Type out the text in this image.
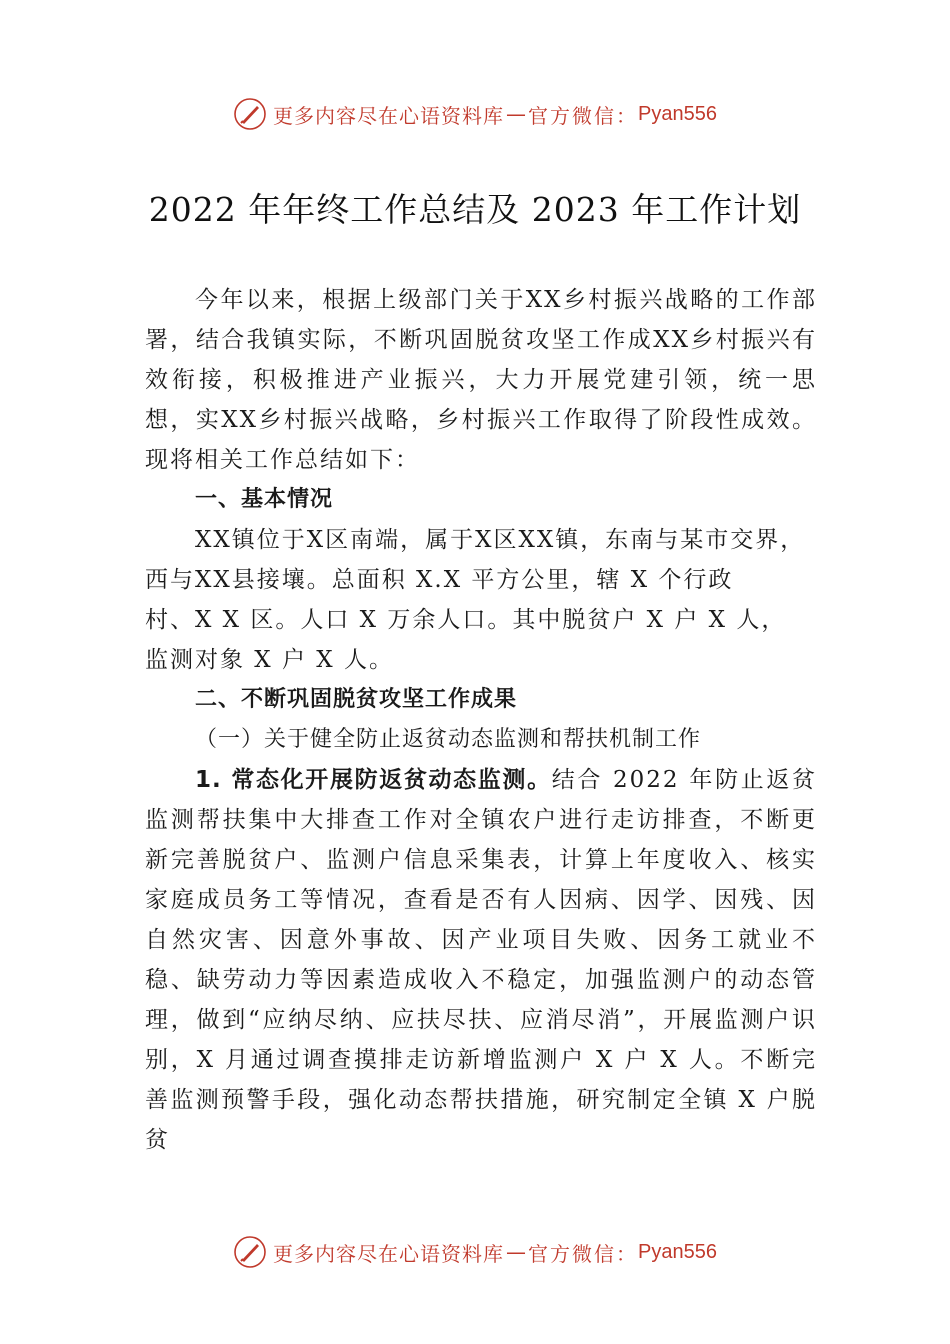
更多内容尽在心语资料库 — 官方微信： Pyan556
2022 年年终工作总结及 2023 年工作计划

今年以来，根据上级部门关于XX乡村振兴战略的工作部署，结合我镇实际，不断巩固脱贫攻坚工作成XX乡村振兴有效衔接，积极推进产业振兴，大力开展党建引领，统一思想，实XX乡村振兴战略，乡村振兴工作取得了阶段性成效。现将相关工作总结如下：

一、基本情况

XX镇位于X区南端，属于X区XX镇，东南与某市交界，

西与XX县接壤。总面积 X.X 平方公里，辖 X 个行政

村、X X 区。人口 X 万余人口。其中脱贫户 X 户 X 人，

监测对象 X 户 X 人。

二、不断巩固脱贫攻坚工作成果

（一）关于健全防止返贫动态监测和帮扶机制工作

1. 常态化开展防返贫动态监测。结合 2022 年防止返贫监测帮扶集中大排查工作对全镇农户进行走访排查，不断更新完善脱贫户、监测户信息采集表，计算上年度收入、核实家庭成员务工等情况，查看是否有人因病、因学、因残、因自然灾害、因意外事故、因产业项目失败、因务工就业不稳、缺劳动力等因素造成收入不稳定，加强监测户的动态管理，做到“应纳尽纳、应扶尽扶、应消尽消”，开展监测户识别，X 月通过调查摸排走访新增监测户 X 户 X 人。不断完善监测预警手段，强化动态帮扶措施，研究制定全镇 X 户脱贫

更多内容尽在心语资料库 — 官方微信： Pyan556
